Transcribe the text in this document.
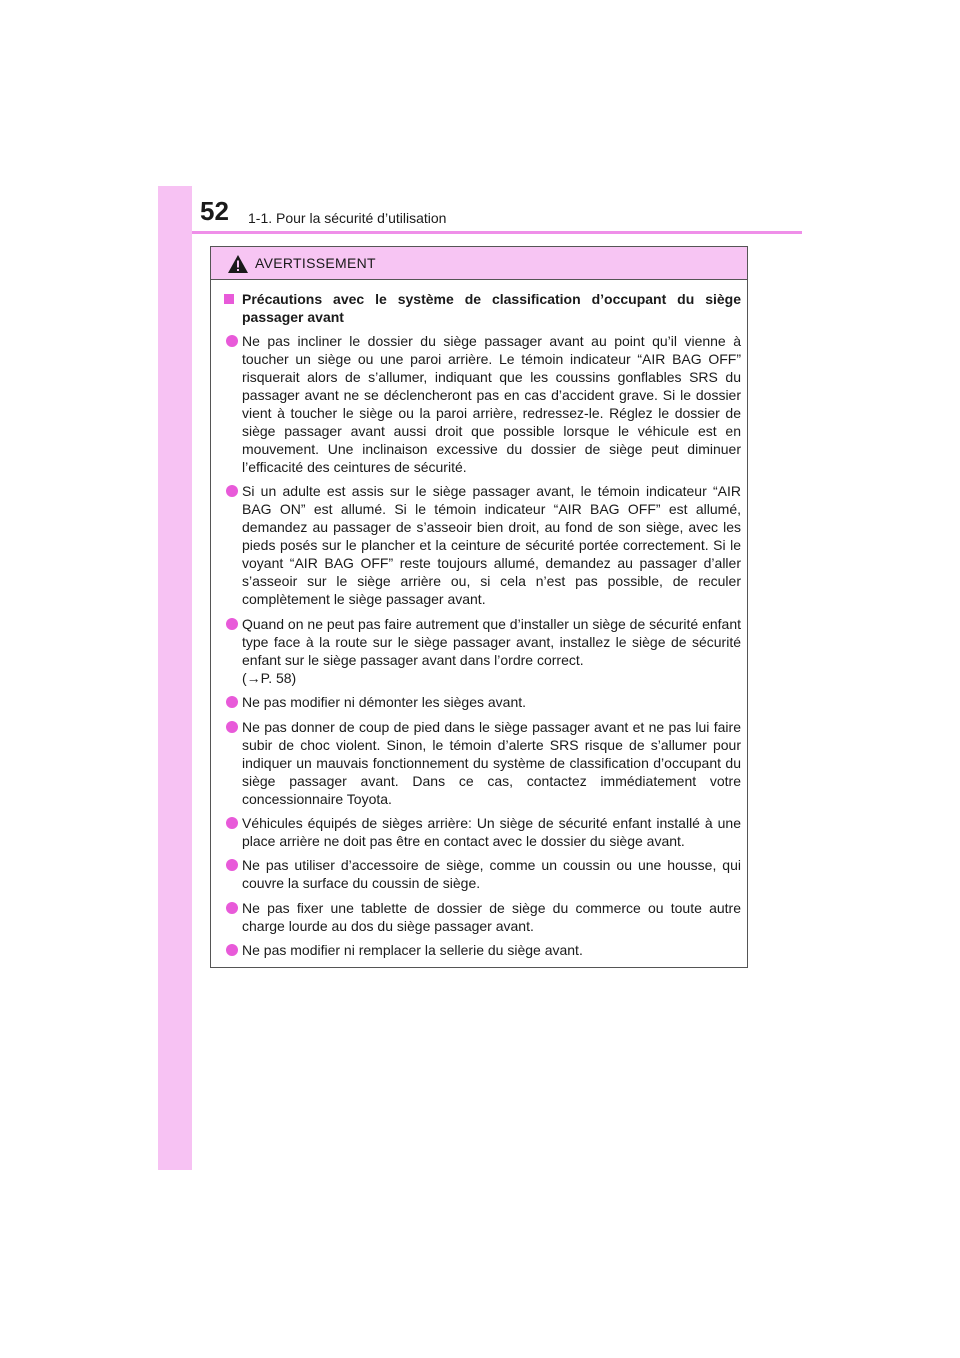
52 1-1. Pour la sécurité d’utilisation
AVERTISSEMENT
Précautions avec le système de classification d’occupant du siège passager avant
Ne pas incliner le dossier du siège passager avant au point qu’il vienne à toucher un siège ou une paroi arrière. Le témoin indicateur “AIR BAG OFF” risquerait alors de s’allumer, indiquant que les coussins gonflables SRS du passager avant ne se déclencheront pas en cas d’accident grave. Si le dossier vient à toucher le siège ou la paroi arrière, redressez-le. Réglez le dossier de siège passager avant aussi droit que possible lorsque le véhicule est en mouvement. Une inclinaison excessive du dossier de siège peut diminuer l’efficacité des ceintures de sécurité.
Si un adulte est assis sur le siège passager avant, le témoin indicateur “AIR BAG ON” est allumé. Si le témoin indicateur “AIR BAG OFF” est allumé, demandez au passager de s’asseoir bien droit, au fond de son siège, avec les pieds posés sur le plancher et la ceinture de sécurité portée correctement. Si le voyant “AIR BAG OFF” reste toujours allumé, demandez au passager d’aller s’asseoir sur le siège arrière ou, si cela n’est pas possible, de reculer complètement le siège passager avant.
Quand on ne peut pas faire autrement que d’installer un siège de sécurité enfant type face à la route sur le siège passager avant, installez le siège de sécurité enfant sur le siège passager avant dans l’ordre correct.
(→P. 58)
Ne pas modifier ni démonter les sièges avant.
Ne pas donner de coup de pied dans le siège passager avant et ne pas lui faire subir de choc violent. Sinon, le témoin d’alerte SRS risque de s’allumer pour indiquer un mauvais fonctionnement du système de classification d’occupant du siège passager avant. Dans ce cas, contactez immédiatement votre concessionnaire Toyota.
Véhicules équipés de sièges arrière: Un siège de sécurité enfant installé à une place arrière ne doit pas être en contact avec le dossier du siège avant.
Ne pas utiliser d’accessoire de siège, comme un coussin ou une housse, qui couvre la surface du coussin de siège.
Ne pas fixer une tablette de dossier de siège du commerce ou toute autre charge lourde au dos du siège passager avant.
Ne pas modifier ni remplacer la sellerie du siège avant.
